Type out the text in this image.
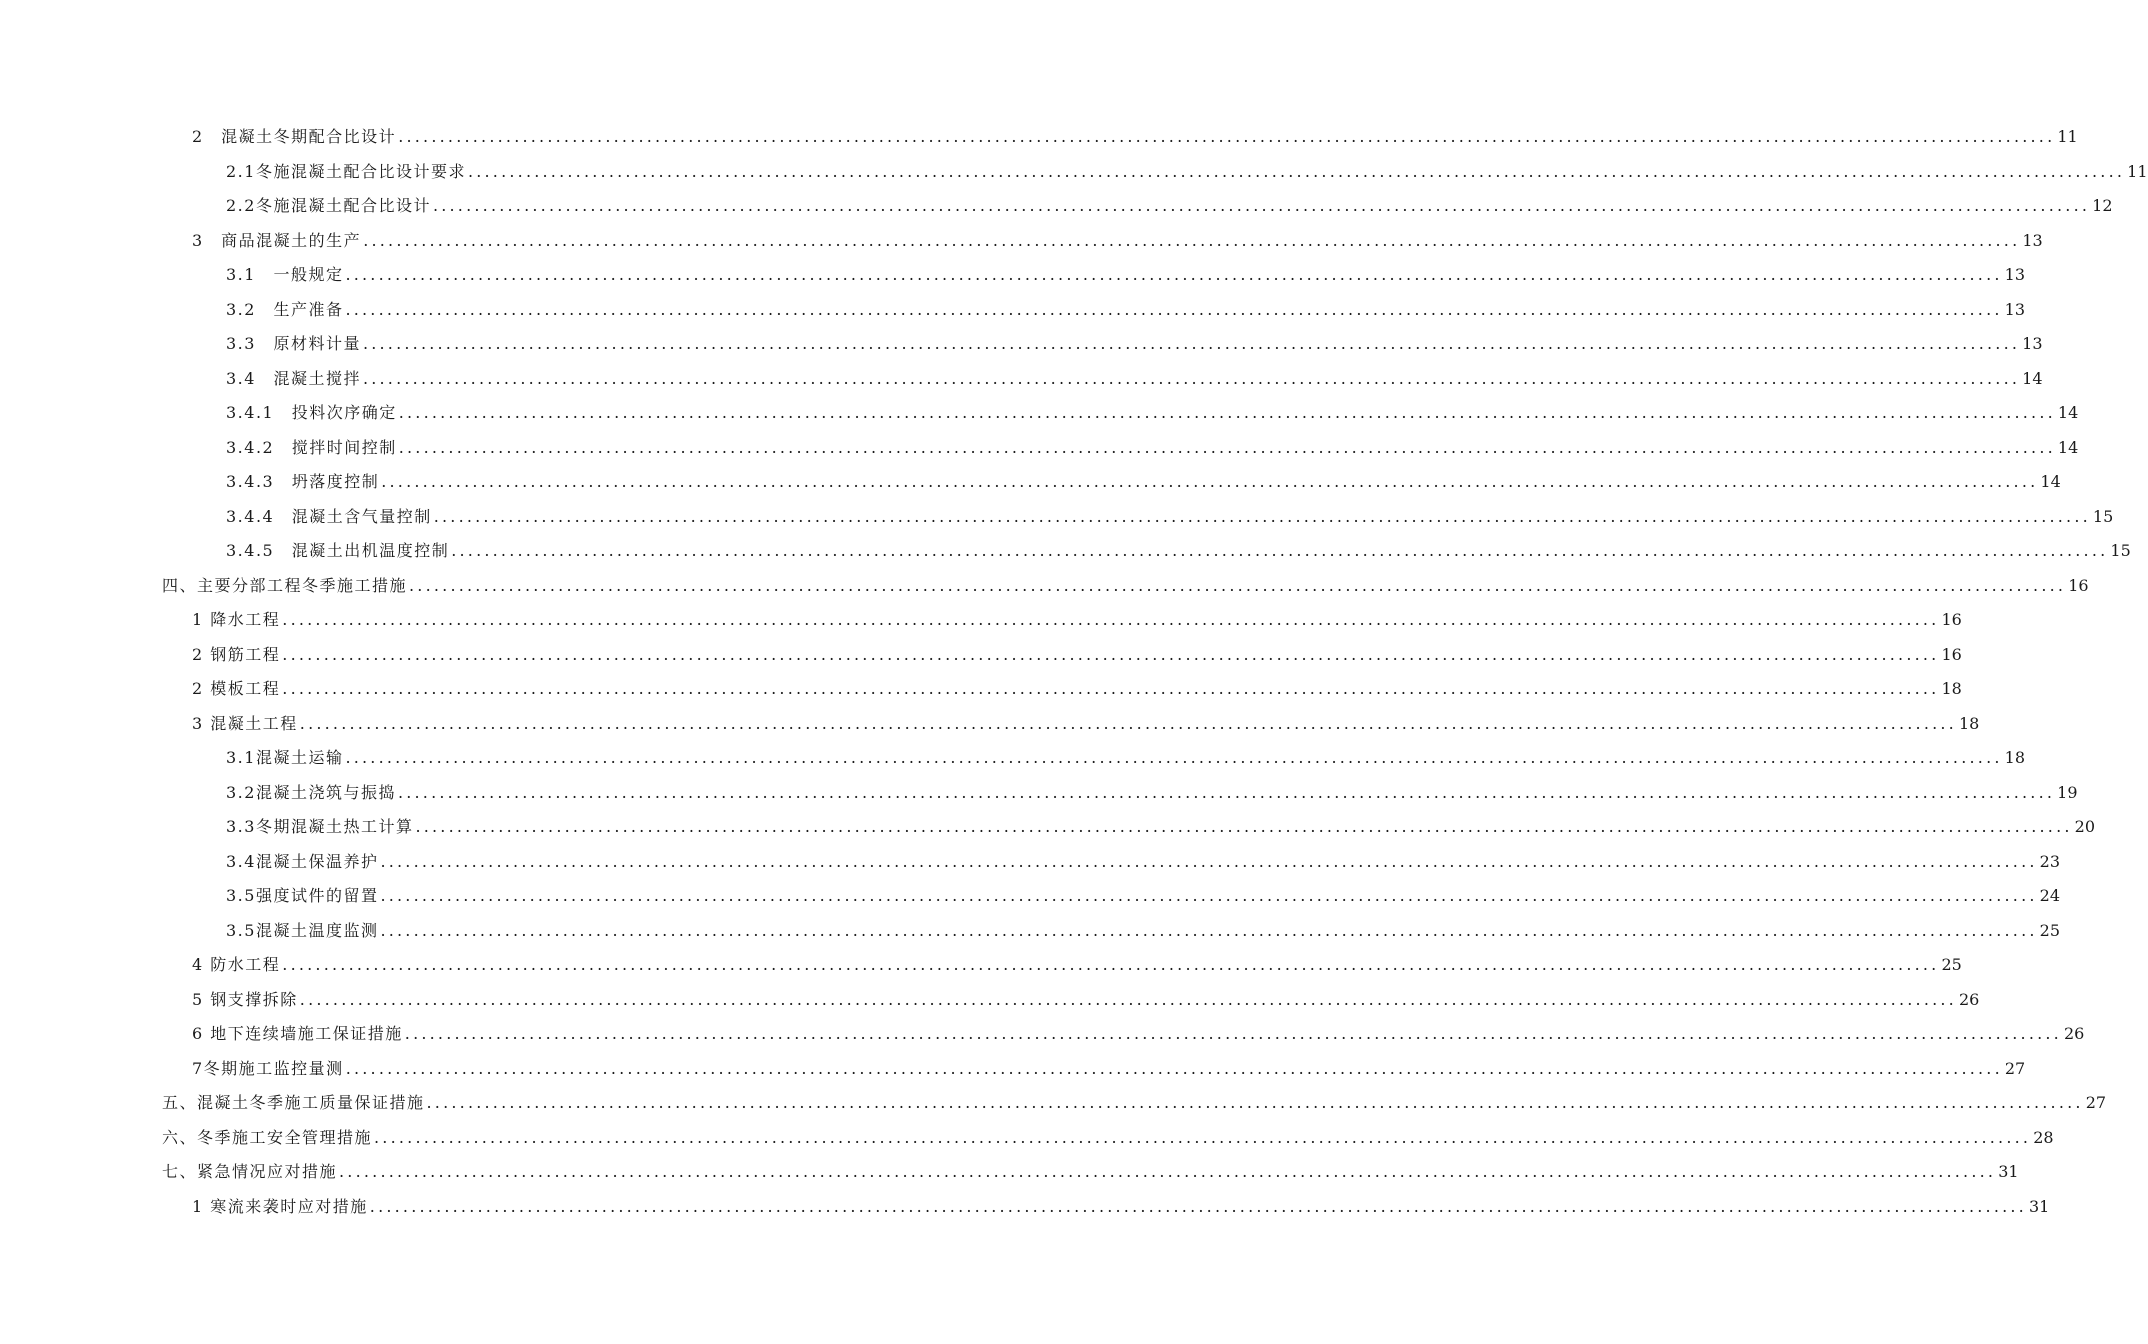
2　混凝土冬期配合比设计 ........................................................................................................................................................................................................ 11
2.1冬施混凝土配合比设计要求 ........................................................................................................................................................................................................ 11
2.2冬施混凝土配合比设计 ........................................................................................................................................................................................................ 12
3　商品混凝土的生产 ........................................................................................................................................................................................................ 13
3.1　一般规定 ........................................................................................................................................................................................................ 13
3.2　生产准备 ........................................................................................................................................................................................................ 13
3.3　原材料计量 ........................................................................................................................................................................................................ 13
3.4　混凝土搅拌 ........................................................................................................................................................................................................ 14
3.4.1　投料次序确定 ........................................................................................................................................................................................................ 14
3.4.2　搅拌时间控制 ........................................................................................................................................................................................................ 14
3.4.3　坍落度控制 ........................................................................................................................................................................................................ 14
3.4.4　混凝土含气量控制 ........................................................................................................................................................................................................ 15
3.4.5　混凝土出机温度控制 ........................................................................................................................................................................................................ 15
四、主要分部工程冬季施工措施 ........................................................................................................................................................................................................ 16
1 降水工程 ........................................................................................................................................................................................................ 16
2 钢筋工程 ........................................................................................................................................................................................................ 16
2 模板工程 ........................................................................................................................................................................................................ 18
3 混凝土工程 ........................................................................................................................................................................................................ 18
3.1混凝土运输 ........................................................................................................................................................................................................ 18
3.2混凝土浇筑与振捣 ........................................................................................................................................................................................................ 19
3.3冬期混凝土热工计算 ........................................................................................................................................................................................................ 20
3.4混凝土保温养护 ........................................................................................................................................................................................................ 23
3.5强度试件的留置 ........................................................................................................................................................................................................ 24
3.5混凝土温度监测 ........................................................................................................................................................................................................ 25
4 防水工程 ........................................................................................................................................................................................................ 25
5 钢支撑拆除 ........................................................................................................................................................................................................ 26
6 地下连续墙施工保证措施 ........................................................................................................................................................................................................ 26
7冬期施工监控量测 ........................................................................................................................................................................................................ 27
五、混凝土冬季施工质量保证措施 ........................................................................................................................................................................................................ 27
六、冬季施工安全管理措施 ........................................................................................................................................................................................................ 28
七、紧急情况应对措施 ........................................................................................................................................................................................................ 31
1 寒流来袭时应对措施 ........................................................................................................................................................................................................ 31
